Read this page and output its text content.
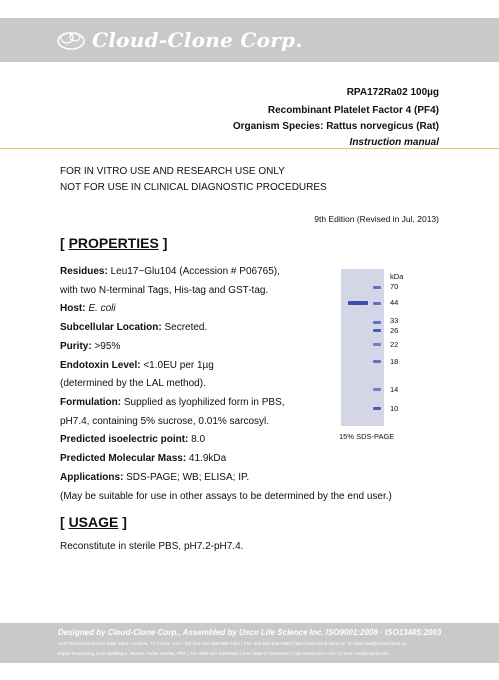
Cloud-Clone Corp.
RPA172Ra02 100µg
Recombinant Platelet Factor 4 (PF4)
Organism Species: Rattus norvegicus (Rat)
Instruction manual
FOR IN VITRO USE AND RESEARCH USE ONLY
NOT FOR USE IN CLINICAL DIAGNOSTIC PROCEDURES
9th Edition (Revised in Jul, 2013)
[ PROPERTIES ]
Residues: Leu17~Glu104 (Accession # P06765),
with two N-terminal Tags, His-tag and GST-tag.
Host: E. coli
Subcellular Location: Secreted.
Purity: >95%
Endotoxin Level: <1.0EU per 1µg
(determined by the LAL method).
Formulation: Supplied as lyophilized form in PBS,
pH7.4, containing 5% sucrose, 0.01% sarcosyl.
Predicted isoelectric point: 8.0
Predicted Molecular Mass: 41.9kDa
Applications: SDS-PAGE; WB; ELISA; IP.
(May be suitable for use in other assays to be determined by the end user.)
kDa
70
44
33
26
22
18
14
10
15% SDS-PAGE
[ USAGE ]
Reconstitute in sterile PBS, pH7.2-pH7.4.
Designed by Cloud-Clone Corp., Assembled by Uscn Life Science Inc. ISO9001:2008 · ISO13485:2003
1137 Richmond Avenue Suite 1000, Houston, TX 77042, USA | Toll-free: 001-888-960-7402 | Fax: 001-832-538-0388 | http://www.cloud-clone.us | E-mail: mail@cloud-clone.us
Import Processing Zone Building E, Wuhan, Hubei 430056, PRC | Tel: 0086-027-84259552 | Fax: 0086-27-84259551 | http://www.uscn.com | E-mail: mail@uscnk.com
